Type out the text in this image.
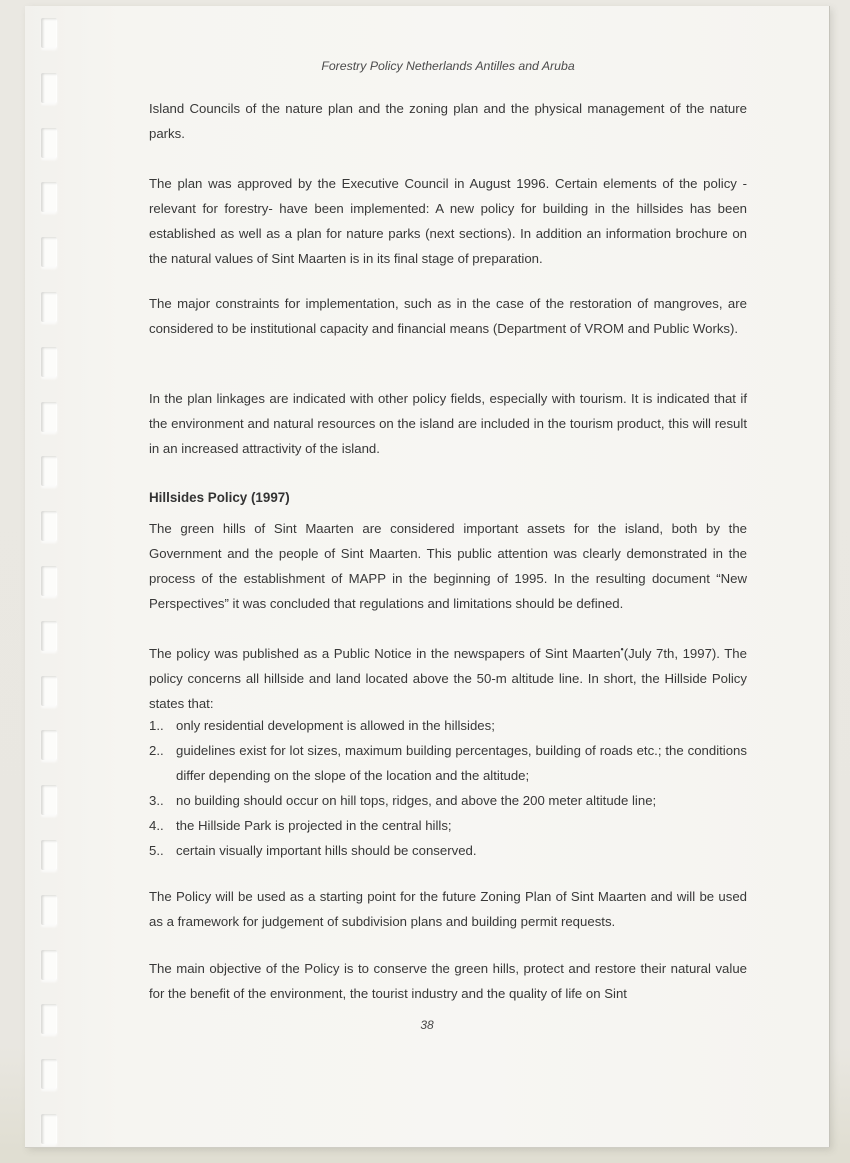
Forestry Policy Netherlands Antilles and Aruba

Island Councils of the nature plan and the zoning plan and the physical management of the nature parks.

The plan was approved by the Executive Council in August 1996. Certain elements of the policy -relevant for forestry- have been implemented: A new policy for building in the hillsides has been established as well as a plan for nature parks (next sections). In addition an information brochure on the natural values of Sint Maarten is in its final stage of preparation.

The major constraints for implementation, such as in the case of the restoration of mangroves, are considered to be institutional capacity and financial means (Department of VROM and Public Works).

In the plan linkages are indicated with other policy fields, especially with tourism. It is indicated that if the environment and natural resources on the island are included in the tourism product, this will result in an increased attractivity of the island.

Hillsides Policy (1997)

The green hills of Sint Maarten are considered important assets for the island, both by the Government and the people of Sint Maarten. This public attention was clearly demonstrated in the process of the establishment of MAPP in the beginning of 1995. In the resulting document “New Perspectives” it was concluded that regulations and limitations should be defined.

The policy was published as a Public Notice in the newspapers of Sint Maarten•(July 7th, 1997). The policy concerns all hillside and land located above the 50-m altitude line. In short, the Hillside Policy states that:

1.. only residential development is allowed in the hillsides;
2.. guidelines exist for lot sizes, maximum building percentages, building of roads etc.; the conditions differ depending on the slope of the location and the altitude;
3.. no building should occur on hill tops, ridges, and above the 200 meter altitude line;
4.. the Hillside Park is projected in the central hills;
5.. certain visually important hills should be conserved.

The Policy will be used as a starting point for the future Zoning Plan of Sint Maarten and will be used as a framework for judgement of subdivision plans and building permit requests.

The main objective of the Policy is to conserve the green hills, protect and restore their natural value for the benefit of the environment, the tourist industry and the quality of life on Sint

38
